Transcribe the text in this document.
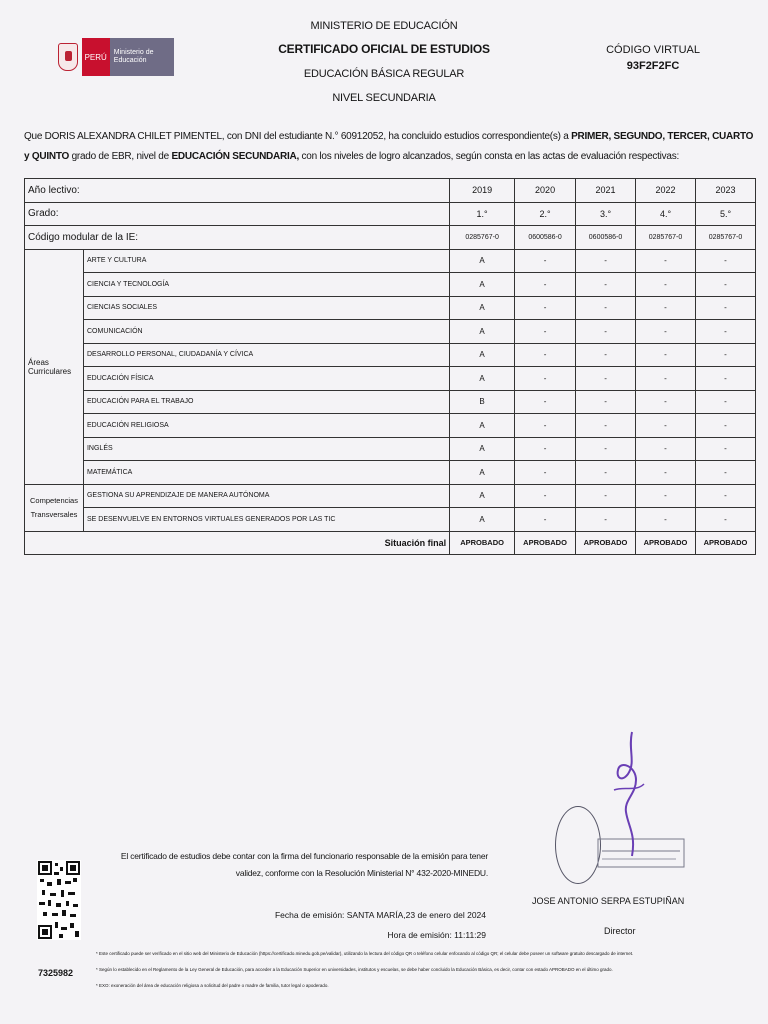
PERÚ	Ministerio de Educación
MINISTERIO DE EDUCACIÓN
CERTIFICADO OFICIAL DE ESTUDIOS
EDUCACIÓN BÁSICA REGULAR
NIVEL SECUNDARIA
CÓDIGO VIRTUAL
93F2F2FC
Que DORIS ALEXANDRA CHILET PIMENTEL, con DNI del estudiante N.° 60912052, ha concluido estudios correspondiente(s) a PRIMER, SEGUNDO, TERCER, CUARTO y QUINTO grado de EBR, nivel de EDUCACIÓN SECUNDARIA, con los niveles de logro alcanzados, según consta en las actas de evaluación respectivas:
Año lectivo:		2019	2020	2021	2022	2023
Grado:		1.°	2.°	3.°	4.°	5.°
Código modular de la IE:		0285767-0	0600586-0	0600586-0	0285767-0	0285767-0
Áreas Curriculares	ARTE Y CULTURA	A	-	-	-	-
	CIENCIA Y TECNOLOGÍA	A	-	-	-	-
	CIENCIAS SOCIALES	A	-	-	-	-
	COMUNICACIÓN	A	-	-	-	-
	DESARROLLO PERSONAL, CIUDADANÍA Y CÍVICA	A	-	-	-	-
	EDUCACIÓN FÍSICA	A	-	-	-	-
	EDUCACIÓN PARA EL TRABAJO	B	-	-	-	-
	EDUCACIÓN RELIGIOSA	A	-	-	-	-
	INGLÉS	A	-	-	-	-
	MATEMÁTICA	A	-	-	-	-
Competencias Transversales	GESTIONA SU APRENDIZAJE DE MANERA AUTÓNOMA	A	-	-	-	-
	SE DESENVUELVE EN ENTORNOS VIRTUALES GENERADOS POR LAS TIC	A	-	-	-	-
Situación final		APROBADO	APROBADO	APROBADO	APROBADO	APROBADO
El certificado de estudios debe contar con la firma del funcionario responsable de la emisión para tener validez, conforme con la Resolución Ministerial N° 432-2020-MINEDU.
Fecha de emisión: SANTA MARÍA,23 de enero del 2024
Hora de emisión: 11:11:29
7325982
JOSE ANTONIO SERPA ESTUPIÑAN
Director
* Este certificado puede ser verificado en el sitio web del Ministerio de Educación (https://certificado.minedu.gob.pe/validar), utilizando la lectura del código QR o teléfono celular enfocando al código QR; el celular debe poseer un software gratuito descargado de internet.
* Según lo establecido en el Reglamento de la Ley General de Educación, para acceder a la Educación Superior en universidades, institutos y escuelas, se debe haber concluido la Educación Básica, es decir, contar con estado APROBADO en el último grado.
* EXO: exoneración del área de educación religiosa a solicitud del padre o madre de familia, tutor legal o apoderado.
